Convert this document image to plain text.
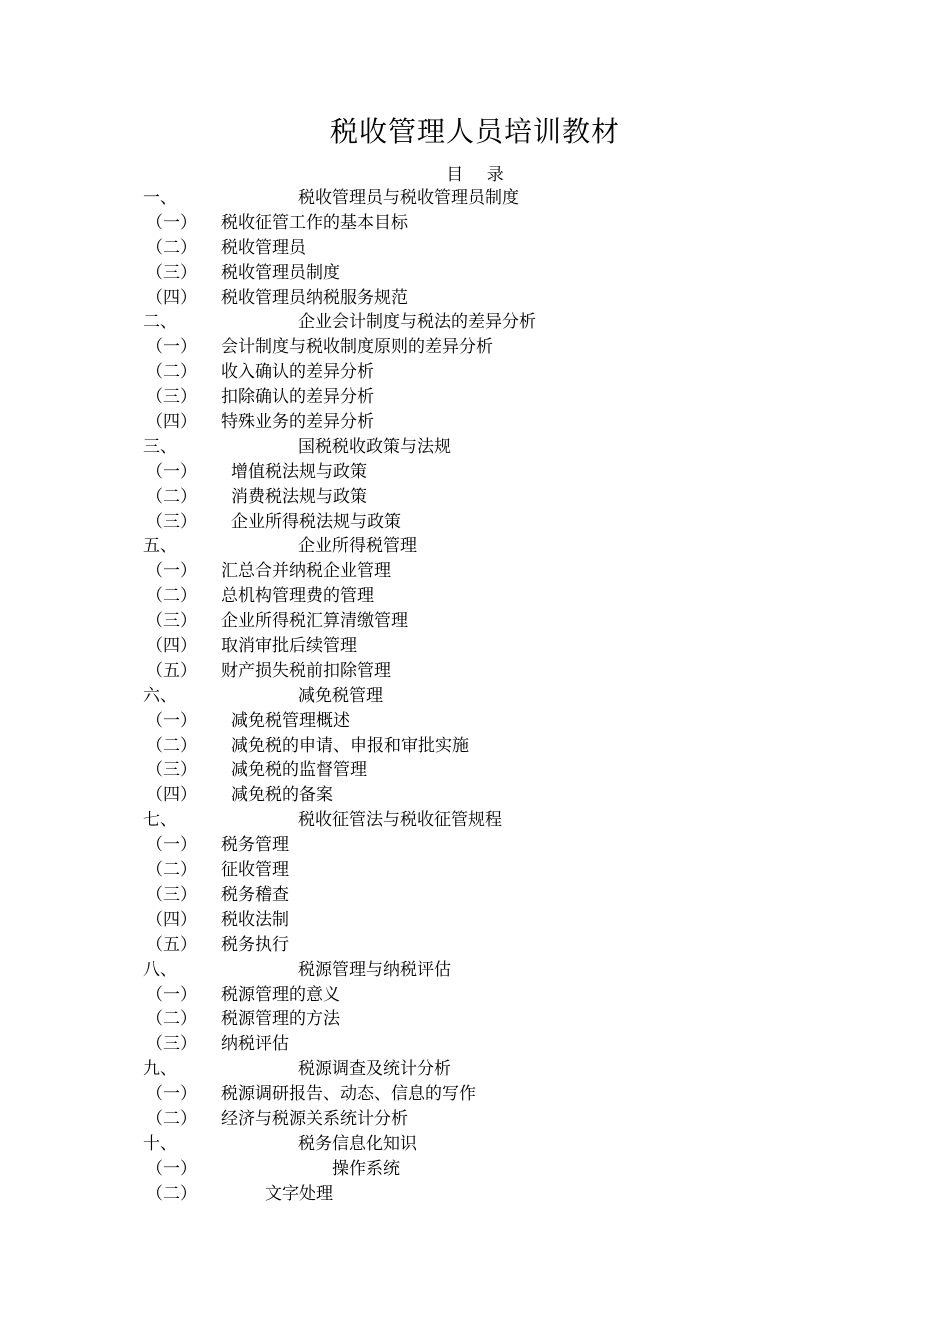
税收管理人员培训教材
目 录
一、	税收管理员与税收管理员制度
（一） 税收征管工作的基本目标
（二） 税收管理员
（三） 税收管理员制度
（四） 税收管理员纳税服务规范
二、	企业会计制度与税法的差异分析
（一） 会计制度与税收制度原则的差异分析
（二） 收入确认的差异分析
（三） 扣除确认的差异分析
（四） 特殊业务的差异分析
三、	国税税收政策与法规
（一） 增值税法规与政策
（二） 消费税法规与政策
（三） 企业所得税法规与政策
五、	企业所得税管理
（一） 汇总合并纳税企业管理
（二） 总机构管理费的管理
（三） 企业所得税汇算清缴管理
（四） 取消审批后续管理
（五） 财产损失税前扣除管理
六、	减免税管理
（一） 减免税管理概述
（二） 减免税的申请、申报和审批实施
（三） 减免税的监督管理
（四） 减免税的备案
七、	税收征管法与税收征管规程
（一） 税务管理
（二） 征收管理
（三） 税务稽查
（四） 税收法制
（五） 税务执行
八、	税源管理与纳税评估
（一） 税源管理的意义
（二） 税源管理的方法
（三） 纳税评估
九、	税源调查及统计分析
（一） 税源调研报告、动态、信息的写作
（二） 经济与税源关系统计分析
十、	税务信息化知识
（一）	操作系统
（二）	文字处理
